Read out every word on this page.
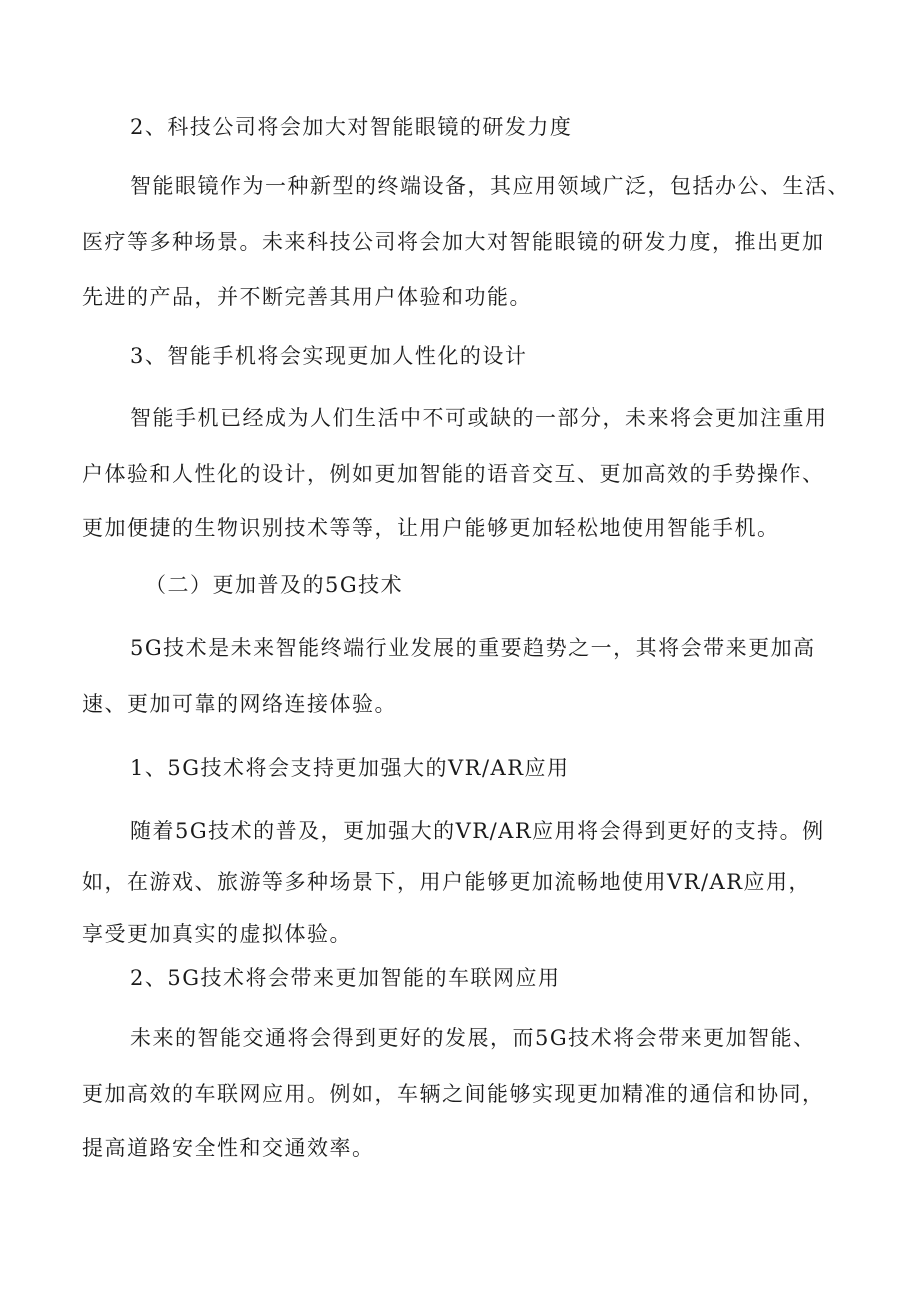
2、科技公司将会加大对智能眼镜的研发力度
智能眼镜作为一种新型的终端设备，其应用领域广泛，包括办公、生活、
医疗等多种场景。未来科技公司将会加大对智能眼镜的研发力度，推出更加
先进的产品，并不断完善其用户体验和功能。
3、智能手机将会实现更加人性化的设计
智能手机已经成为人们生活中不可或缺的一部分，未来将会更加注重用
户体验和人性化的设计，例如更加智能的语音交互、更加高效的手势操作、
更加便捷的生物识别技术等等，让用户能够更加轻松地使用智能手机。
（二）更加普及的5G技术
5G技术是未来智能终端行业发展的重要趋势之一，其将会带来更加高
速、更加可靠的网络连接体验。
1、5G技术将会支持更加强大的VR/AR应用
随着5G技术的普及，更加强大的VR/AR应用将会得到更好的支持。例
如，在游戏、旅游等多种场景下，用户能够更加流畅地使用VR/AR应用，
享受更加真实的虚拟体验。
2、5G技术将会带来更加智能的车联网应用
未来的智能交通将会得到更好的发展，而5G技术将会带来更加智能、
更加高效的车联网应用。例如，车辆之间能够实现更加精准的通信和协同，
提高道路安全性和交通效率。
